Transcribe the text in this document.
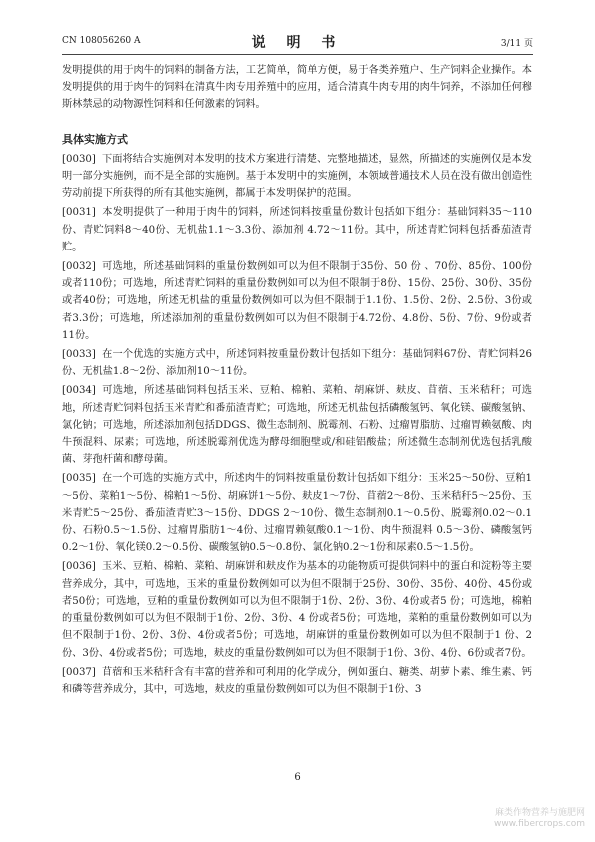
CN 108056260 A	说 明 书	3/11 页

发明提供的用于肉牛的饲料的制备方法，工艺简单，简单方便，易于各类养殖户、生产饲料企业操作。本发明提供的用于肉牛的饲料在清真牛肉专用养殖中的应用，适合清真牛肉专用的肉牛饲养，不添加任何穆斯林禁忌的动物源性饲料和任何激素的饲料。

具体实施方式

[0030] 下面将结合实施例对本发明的技术方案进行清楚、完整地描述，显然，所描述的实施例仅是本发明一部分实施例，而不是全部的实施例。基于本发明中的实施例，本领域普通技术人员在没有做出创造性劳动前提下所获得的所有其他实施例，都属于本发明保护的范围。

[0031] 本发明提供了一种用于肉牛的饲料，所述饲料按重量份数计包括如下组分：基础饲料35～110份、青贮饲料8～40份、无机盐1.1～3.3份、添加剂 4.72～11份。其中，所述青贮饲料包括番茄渣青贮。

[0032] 可选地，所述基础饲料的重量份数例如可以为但不限制于35份、50 份 、70份、85份、100份或者110份；可选地，所述青贮饲料的重量份数例如可以为但不限制于8份、15份、25份、30份、35份或者40份；可选地，所述无机盐的重量份数例如可以为但不限制于1.1份、1.5份、2份、2.5份、3份或者3.3份；可选地，所述添加剂的重量份数例如可以为但不限制于4.72份、4.8份、5份、7份、9份或者11份。

[0033] 在一个优选的实施方式中，所述饲料按重量份数计包括如下组分：基础饲料67份、青贮饲料26份、无机盐1.8～2份、添加剂10～11份。

[0034] 可选地，所述基础饲料包括玉米、豆粕、棉粕、菜粕、胡麻饼、麸皮、苜蓿、玉米秸秆；可选地，所述青贮饲料包括玉米青贮和番茄渣青贮；可选地，所述无机盐包括磷酸氢钙、氧化镁、碳酸氢钠、氯化钠；可选地，所述添加剂包括DDGS、微生态制剂、脱霉剂、石粉、过瘤胃脂肪、过瘤胃赖氨酸、肉牛预混料、尿素；可选地，所述脱霉剂优选为酵母细胞壁或/和硅铝酸盐；所述微生态制剂优选包括乳酸菌、芽孢杆菌和酵母菌。

[0035] 在一个可选的实施方式中，所述肉牛的饲料按重量份数计包括如下组分：玉米25～50份、豆粕1～5份、菜粕1～5份、棉粕1～5份、胡麻饼1～5份、麸皮1～7份、苜蓿2～8份、玉米秸秆5～25份、玉米青贮5～25份、番茄渣青贮3～15份、DDGS 2～10份、微生态制剂0.1～0.5份、脱霉剂0.02～0.1份、石粉0.5～1.5份、过瘤胃脂肪1～4份、过瘤胃赖氨酸0.1～1份、肉牛预混料 0.5～3份、磷酸氢钙0.2～1份、氧化镁0.2～0.5份、碳酸氢钠0.5～0.8份、氯化钠0.2～1份和尿素0.5～1.5份。

[0036] 玉米、豆粕、棉粕、菜粕、胡麻饼和麸皮作为基本的功能物质可提供饲料中的蛋白和淀粉等主要营养成分，其中，可选地，玉米的重量份数例如可以为但不限制于25份、30份、35份、40份、45份或者50份；可选地，豆粕的重量份数例如可以为但不限制于1份、2份、3份、4份或者5 份；可选地，棉粕的重量份数例如可以为但不限制于1份、2份、3份、4 份或者5份；可选地，菜粕的重量份数例如可以为但不限制于1份、2份、3份、4份或者5份；可选地，胡麻饼的重量份数例如可以为但不限制于1 份、2份、3份、4份或者5份；可选地，麸皮的重量份数例如可以为但不限制于1份、3份、4份、6份或者7份。

[0037] 苜蓿和玉米秸秆含有丰富的营养和可利用的化学成分，例如蛋白、糖类、胡萝卜素、维生素、钙和磷等营养成分，其中，可选地，麸皮的重量份数例如可以为但不限制于1份、3

6
麻类作物营养与施肥网
www.fibercrops.com
